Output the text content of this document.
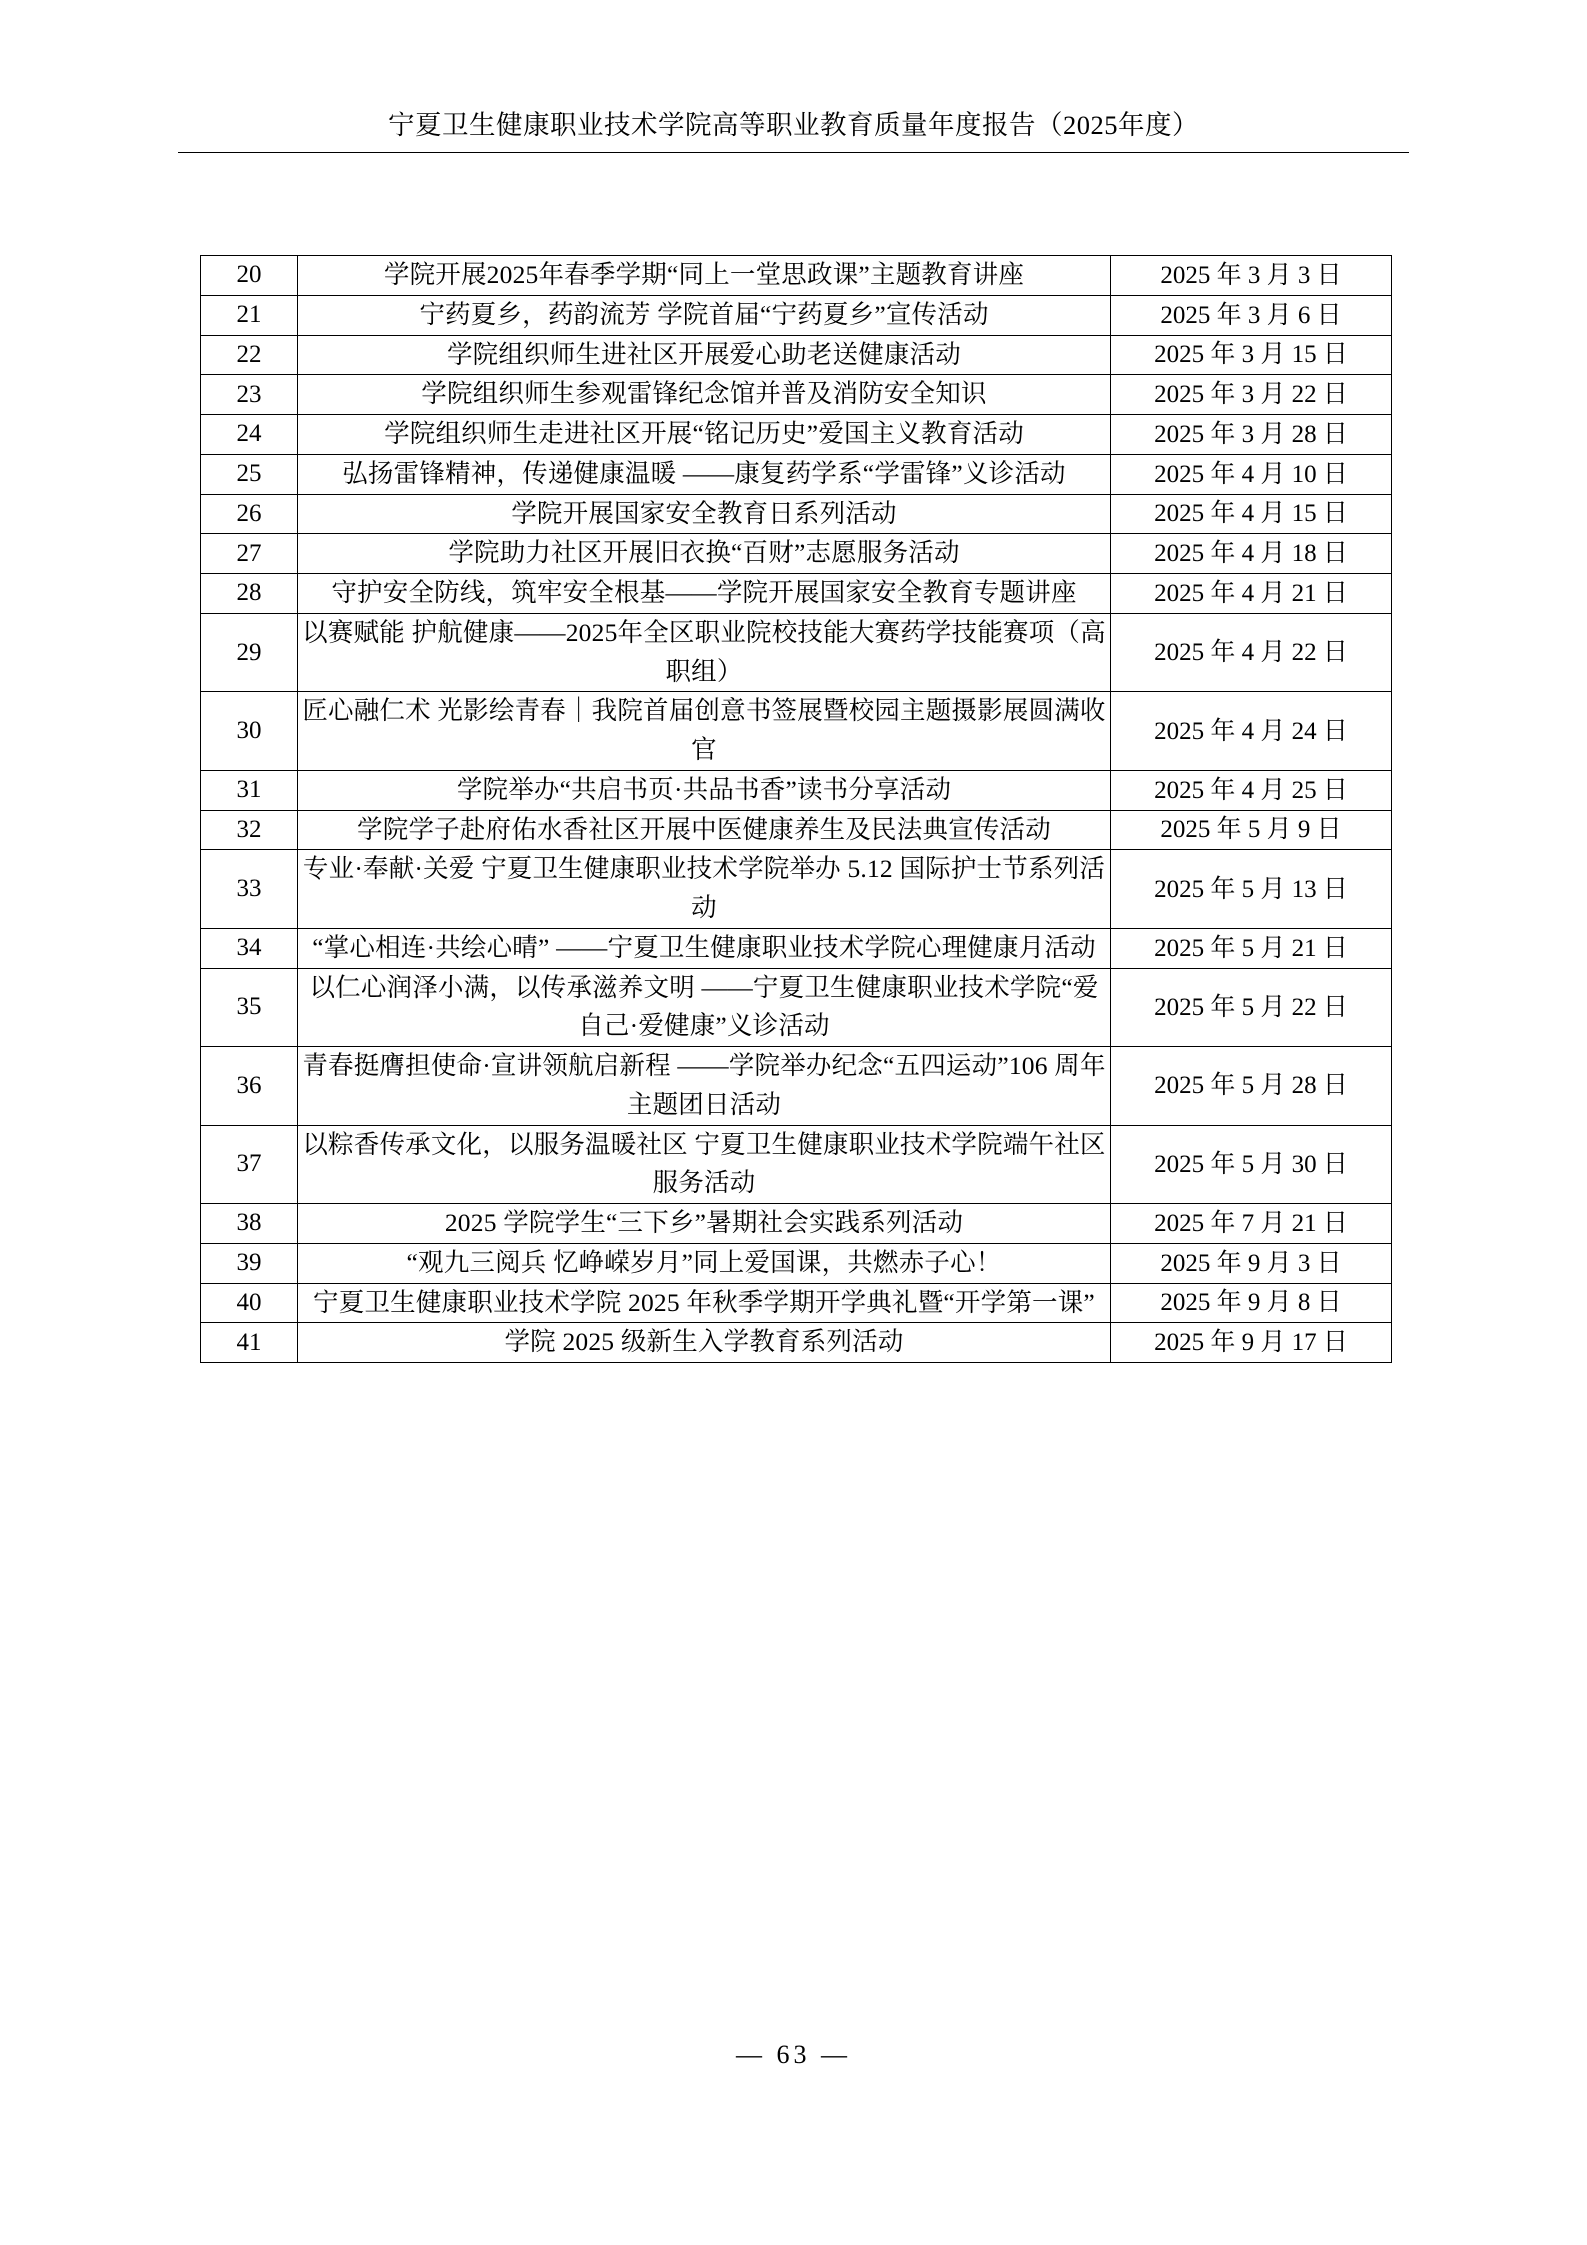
宁夏卫生健康职业技术学院高等职业教育质量年度报告（2025年度）
20	学院开展2025年春季学期“同上一堂思政课”主题教育讲座	2025 年 3 月 3 日
21	宁药夏乡，药韵流芳 学院首届“宁药夏乡”宣传活动	2025 年 3 月 6 日
22	学院组织师生进社区开展爱心助老送健康活动	2025 年 3 月 15 日
23	学院组织师生参观雷锋纪念馆并普及消防安全知识	2025 年 3 月 22 日
24	学院组织师生走进社区开展“铭记历史”爱国主义教育活动	2025 年 3 月 28 日
25	弘扬雷锋精神，传递健康温暖 ——康复药学系“学雷锋”义诊活动	2025 年 4 月 10 日
26	学院开展国家安全教育日系列活动	2025 年 4 月 15 日
27	学院助力社区开展旧衣换“百财”志愿服务活动	2025 年 4 月 18 日
28	守护安全防线，筑牢安全根基——学院开展国家安全教育专题讲座	2025 年 4 月 21 日
29	以赛赋能 护航健康——2025年全区职业院校技能大赛药学技能赛项（高职组）	2025 年 4 月 22 日
30	匠心融仁术 光影绘青春｜我院首届创意书签展暨校园主题摄影展圆满收官	2025 年 4 月 24 日
31	学院举办“共启书页·共品书香”读书分享活动	2025 年 4 月 25 日
32	学院学子赴府佑水香社区开展中医健康养生及民法典宣传活动	2025 年 5 月 9 日
33	专业·奉献·关爱 宁夏卫生健康职业技术学院举办 5.12 国际护士节系列活动	2025 年 5 月 13 日
34	“掌心相连·共绘心晴” ——宁夏卫生健康职业技术学院心理健康月活动	2025 年 5 月 21 日
35	以仁心润泽小满，以传承滋养文明 ——宁夏卫生健康职业技术学院“爱自己·爱健康”义诊活动	2025 年 5 月 22 日
36	青春挺膺担使命·宣讲领航启新程 ——学院举办纪念“五四运动”106 周年主题团日活动	2025 年 5 月 28 日
37	以粽香传承文化，以服务温暖社区 宁夏卫生健康职业技术学院端午社区服务活动	2025 年 5 月 30 日
38	2025 学院学生“三下乡”暑期社会实践系列活动	2025 年 7 月 21 日
39	“观九三阅兵 忆峥嵘岁月”同上爱国课，共燃赤子心！	2025 年 9 月 3 日
40	宁夏卫生健康职业技术学院 2025 年秋季学期开学典礼暨“开学第一课”	2025 年 9 月 8 日
41	学院 2025 级新生入学教育系列活动	2025 年 9 月 17 日
— 63 —
